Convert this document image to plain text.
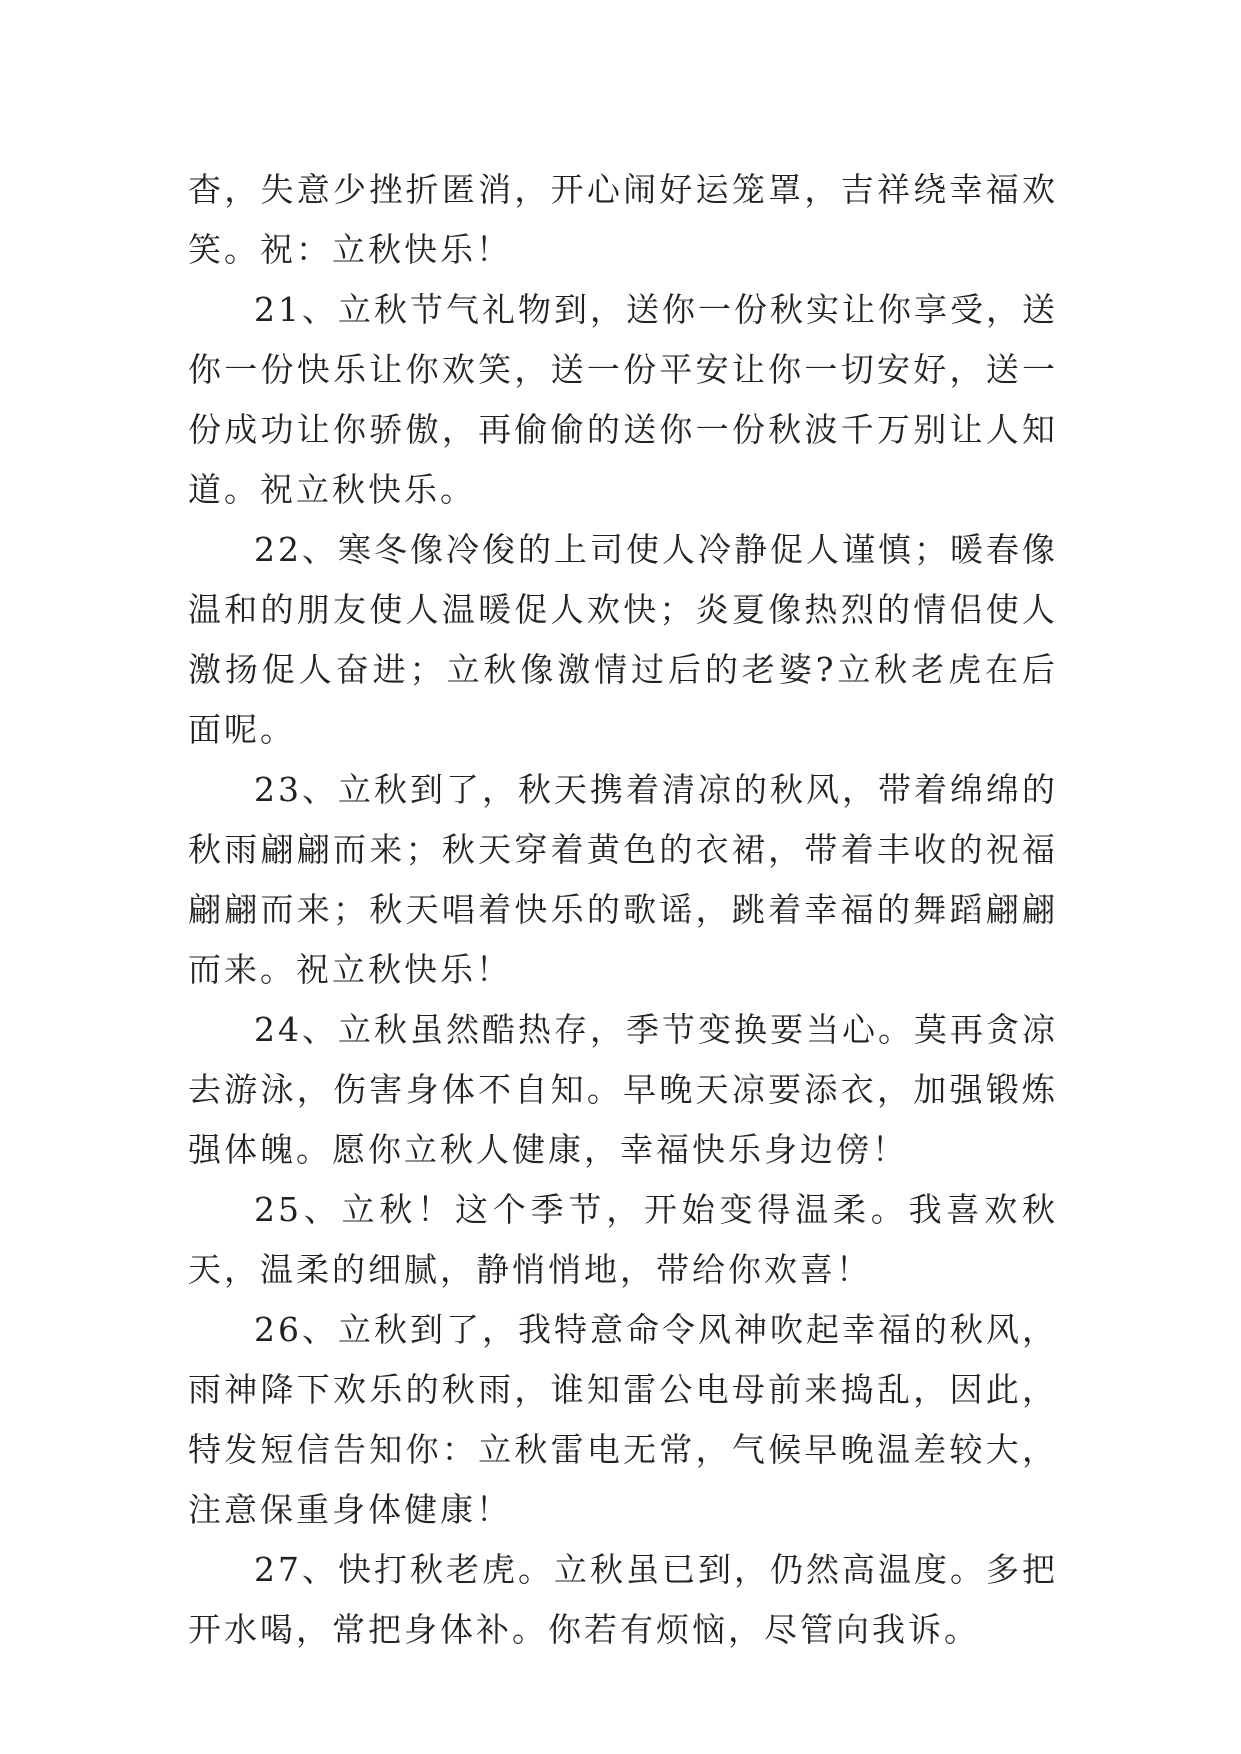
杳，失意少挫折匿消，开心闹好运笼罩，吉祥绕幸福欢笑。祝：立秋快乐！

21、立秋节气礼物到，送你一份秋实让你享受，送你一份快乐让你欢笑，送一份平安让你一切安好，送一份成功让你骄傲，再偷偷的送你一份秋波千万别让人知道。祝立秋快乐。

22、寒冬像冷俊的上司使人冷静促人谨慎；暖春像温和的朋友使人温暖促人欢快；炎夏像热烈的情侣使人激扬促人奋进；立秋像激情过后的老婆?立秋老虎在后面呢。

23、立秋到了，秋天携着清凉的秋风，带着绵绵的秋雨翩翩而来；秋天穿着黄色的衣裙，带着丰收的祝福翩翩而来；秋天唱着快乐的歌谣，跳着幸福的舞蹈翩翩而来。祝立秋快乐！

24、立秋虽然酷热存，季节变换要当心。莫再贪凉去游泳，伤害身体不自知。早晚天凉要添衣，加强锻炼强体魄。愿你立秋人健康，幸福快乐身边傍！

25、立秋！这个季节，开始变得温柔。我喜欢秋天，温柔的细腻，静悄悄地，带给你欢喜！

26、立秋到了，我特意命令风神吹起幸福的秋风，雨神降下欢乐的秋雨，谁知雷公电母前来捣乱，因此，特发短信告知你：立秋雷电无常，气候早晚温差较大，注意保重身体健康！

27、快打秋老虎。立秋虽已到，仍然高温度。多把开水喝，常把身体补。你若有烦恼，尽管向我诉。
